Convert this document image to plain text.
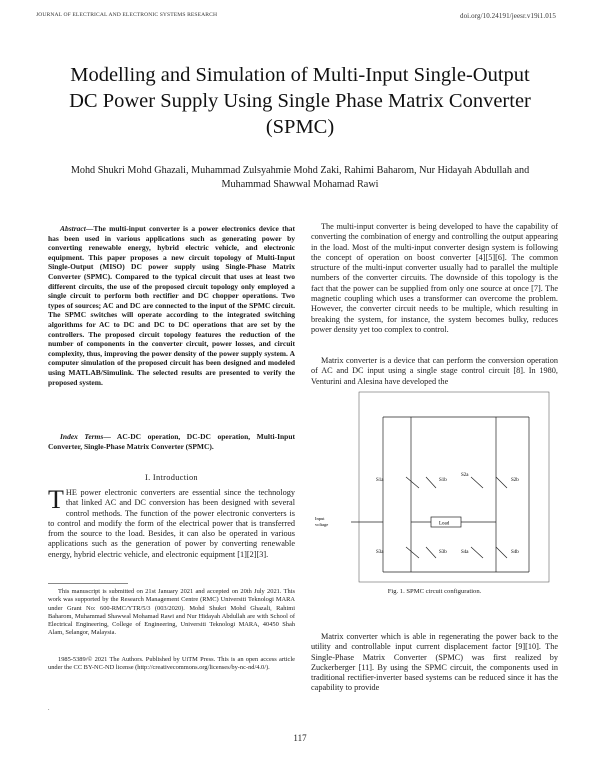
JOURNAL OF ELECTRICAL AND ELECTRONIC SYSTEMS RESEARCH	doi.org/10.24191/jeesr.v19i1.015
Modelling and Simulation of Multi-Input Single-Output DC Power Supply Using Single Phase Matrix Converter (SPMC)
Mohd Shukri Mohd Ghazali, Muhammad Zulsyahmie Mohd Zaki, Rahimi Baharom, Nur Hidayah Abdullah and Muhammad Shawwal Mohamad Rawi
Abstract—The multi-input converter is a power electronics device that has been used in various applications such as generating power by converting renewable energy, hybrid electric vehicle, and electronic equipment. This paper proposes a new circuit topology of Multi-Input Single-Output (MISO) DC power supply using Single-Phase Matrix Converter (SPMC). Compared to the typical circuit that uses at least two different circuits, the use of the proposed circuit topology only employed a single circuit to perform both rectifier and DC chopper operations. Two types of sources; AC and DC are connected to the input of the SPMC circuit. The SPMC switches will operate according to the integrated switching algorithms for AC to DC and DC to DC operations that are set by the controllers. The proposed circuit topology features the reduction of the number of components in the converter circuit, power losses, and circuit complexity, thus, improving the power density of the power supply system. A computer simulation of the proposed circuit has been designed and modeled using MATLAB/Simulink. The selected results are presented to verify the proposed system.
Index Terms— AC-DC operation, DC-DC operation, Multi-Input Converter, Single-Phase Matrix Converter (SPMC).
I. Introduction
THE power electronic converters are essential since the technology that linked AC and DC conversion has been designed with several control methods. The function of the power electronic converters is to control and modify the form of the electrical power that is transferred from the source to the load. Besides, it can also be operated in various applications such as the generation of power by converting renewable energy, hybrid electric vehicle, and electronic equipment [1][2][3].
This manuscript is submitted on 21st January 2021 and accepted on 20th July 2021. This work was supported by the Research Management Centre (RMC) Universiti Teknologi MARA under Grant No: 600-RMC/YTR/5/3 (003/2020). Mohd Shukri Mohd Ghazali, Rahimi Baharom, Muhammad Shawwal Mohamad Rawi and Nur Hidayah Abdullah are with School of Electrical Engineering, College of Engineering, Universiti Teknologi MARA, 40450 Shah Alam, Selangor, Malaysia.
1985-5389/© 2021 The Authors. Published by UiTM Press. This is an open access article under the CC BY-NC-ND license (http://creativecommons.org/licenses/by-nc-nd/4.0/).
.
The multi-input converter is being developed to have the capability of converting the combination of energy and controlling the output appearing in the load. Most of the multi-input converter design system is following the concept of operation on boost converter [4][5][6]. The common structure of the multi-input converter usually had to parallel the multiple numbers of the converter circuits. The downside of this topology is the fact that the power can be supplied from only one source at once [7]. The magnetic coupling which uses a transformer can overcome the problem. However, the converter circuit needs to be multiple, which resulting in breaking the system, for instance, the system becomes bulky, reduces power density yet too complex to control.
Matrix converter is a device that can perform the conversion operation of AC and DC input using a single stage control circuit [8]. In 1980, Venturini and Alesina have developed the
S1a	S1b
S2a
S2b
S3a	S3b	S4a	S4b
Load
Input
voltage
Fig. 1. SPMC circuit configuration.
Matrix converter which is able in regenerating the power back to the utility and controllable input current displacement factor [9][10]. The Single-Phase Matrix Converter (SPMC) was first realized by Zuckerberger [11]. By using the SPMC circuit, the components used in traditional rectifier-inverter based systems can be reduced since it has the capability to provide
117
